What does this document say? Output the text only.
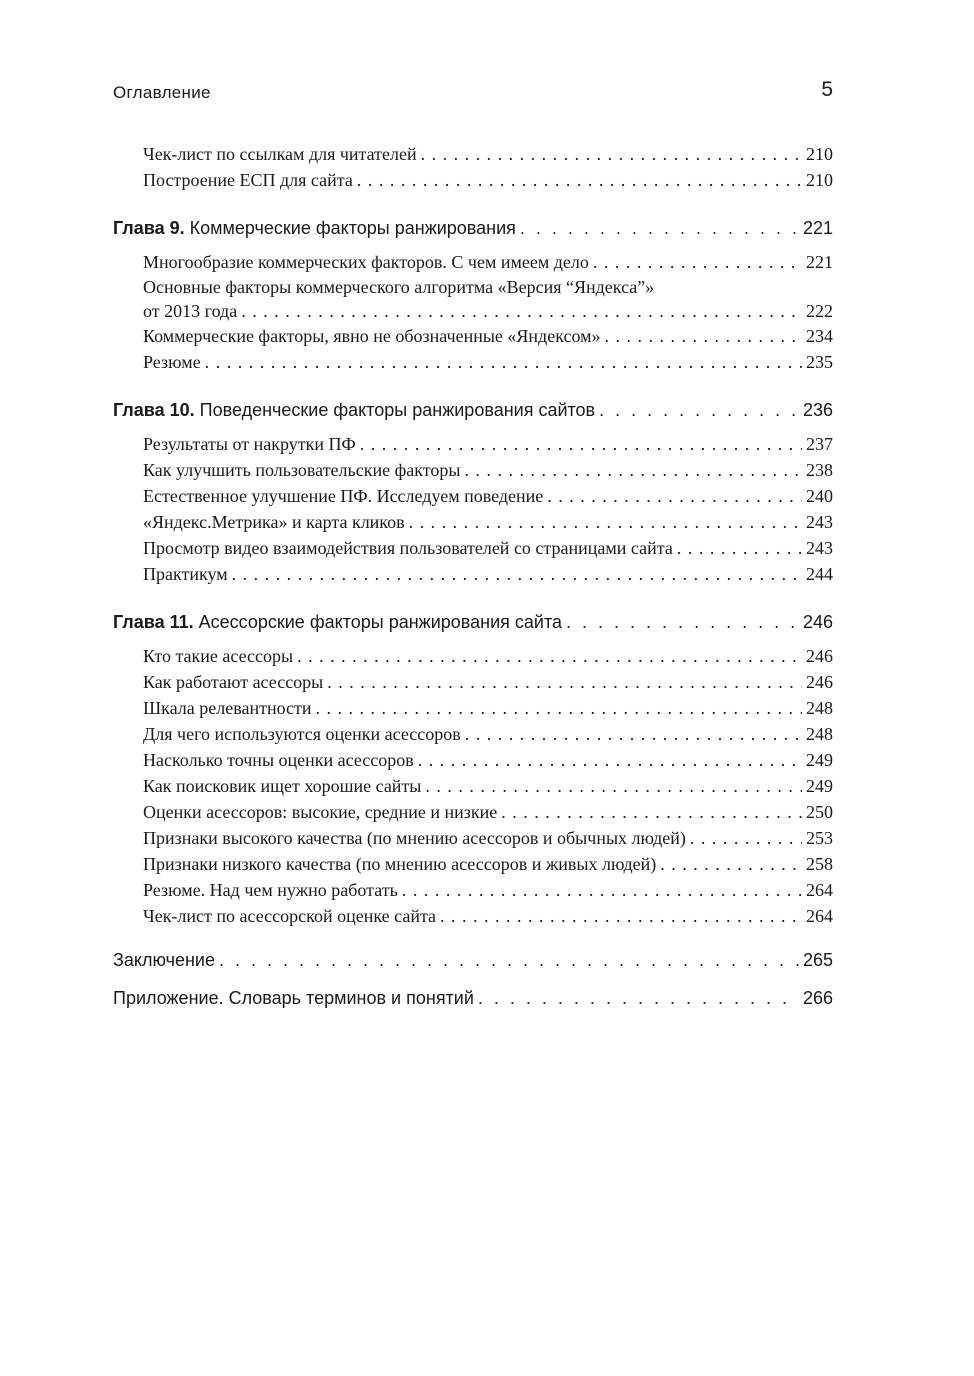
Оглавление	5
Чек-лист по ссылкам для читателей . . .	210
Построение ЕСП для сайта . . .	210
Глава 9. Коммерческие факторы ранжирования . . .	221
Многообразие коммерческих факторов. С чем имеем дело . . .	221
Основные факторы коммерческого алгоритма «Версия “Яндекса”»
от 2013 года . . .	222
Коммерческие факторы, явно не обозначенные «Яндексом» . . .	234
Резюме . . .	235
Глава 10. Поведенческие факторы ранжирования сайтов . . .	236
Результаты от накрутки ПФ . . .	237
Как улучшить пользовательские факторы . . .	238
Естественное улучшение ПФ. Исследуем поведение . . .	240
«Яндекс.Метрика» и карта кликов . . .	243
Просмотр видео взаимодействия пользователей со страницами сайта . . .	243
Практикум . . .	244
Глава 11. Асессорские факторы ранжирования сайта . . .	246
Кто такие асессоры . . .	246
Как работают асессоры . . .	246
Шкала релевантности . . .	248
Для чего используются оценки асессоров . . .	248
Насколько точны оценки асессоров . . .	249
Как поисковик ищет хорошие сайты . . .	249
Оценки асессоров: высокие, средние и низкие . . .	250
Признаки высокого качества (по мнению асессоров и обычных людей) . . .	253
Признаки низкого качества (по мнению асессоров и живых людей) . . .	258
Резюме. Над чем нужно работать . . .	264
Чек-лист по асессорской оценке сайта . . .	264
Заключение . . .	265
Приложение. Словарь терминов и понятий . . .	266
